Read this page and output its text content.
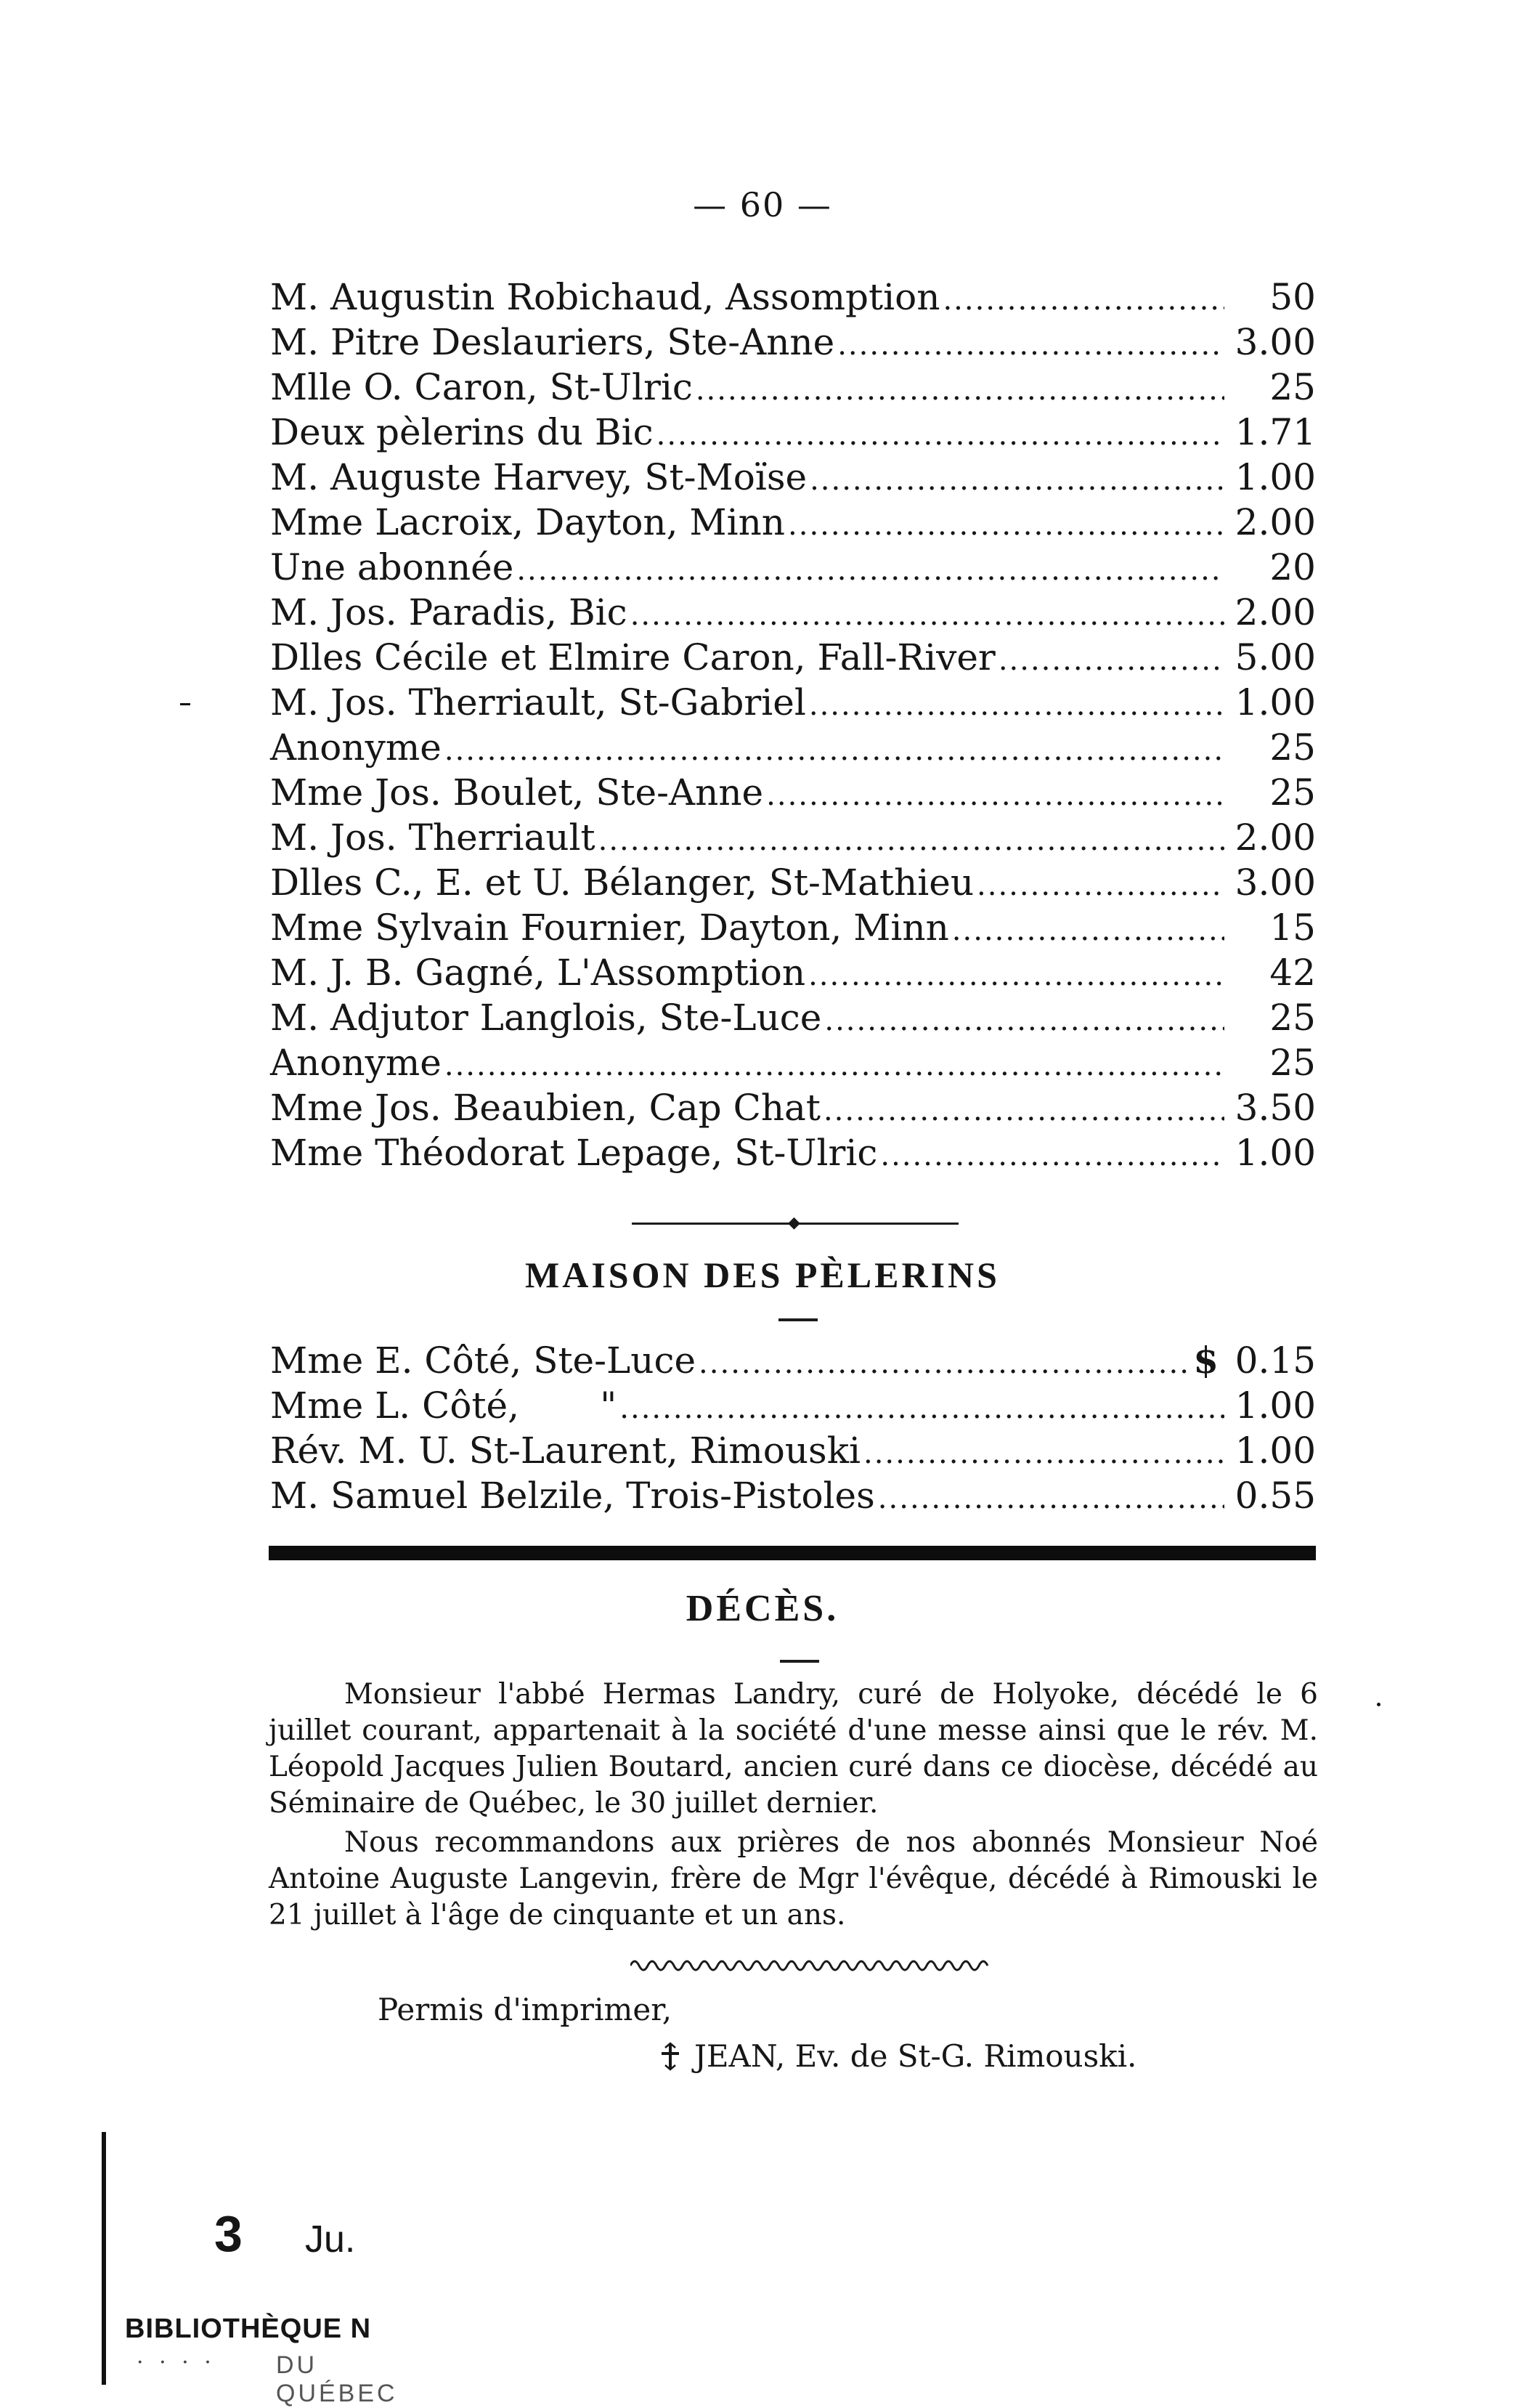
— 60 —
M. Augustin Robichaud, Assomption .....	50
M. Pitre Deslauriers, Ste-Anne .....	3.00
Mlle O. Caron, St-Ulric .....	25
Deux pèlerins du Bic .....	1.71
M. Auguste Harvey, St-Moïse .....	1.00
Mme Lacroix, Dayton, Minn .....	2.00
Une abonnée .....	20
M. Jos. Paradis, Bic .....	2.00
Dlles Cécile et Elmire Caron, Fall-River .....	5.00
M. Jos. Therriault, St-Gabriel .....	1.00
Anonyme .....	25
Mme Jos. Boulet, Ste-Anne .....	25
M. Jos. Therriault .....	2.00
Dlles C., E. et U. Bélanger, St-Mathieu .....	3.00
Mme Sylvain Fournier, Dayton, Minn .....	15
M. J. B. Gagné, L'Assomption .....	42
M. Adjutor Langlois, Ste-Luce .....	25
Anonyme .....	25
Mme Jos. Beaubien, Cap Chat .....	3.50
Mme Théodorat Lepage, St-Ulric .....	1.00
◆
MAISON DES PÈLERINS
Mme E. Côté, Ste-Luce .....	$ 0.15
Mme L. Côté,       " .....	1.00
Rév. M. U. St-Laurent, Rimouski .....	1.00
M. Samuel Belzile, Trois-Pistoles .....	0.55
DÉCÈS.

Monsieur l'abbé Hermas Landry, curé de Holyoke, décédé le 6 juillet courant, appartenait à la société d'une messe ainsi que le rév. M. Léopold Jacques Julien Boutard, ancien curé dans ce diocèse, décédé au Séminaire de Québec, le 30 juillet dernier.

Nous recommandons aux prières de nos abonnés Monsieur Noé Antoine Auguste Langevin, frère de Mgr l'évêque, décédé à Rimouski le 21 juillet à l'âge de cinquante et un ans.

Permis d'imprimer,
JEAN, Ev. de St-G. Rimouski.
3 Ju.
BIBLIOTHÈQUE N
· · · · DU QUÉBEC
